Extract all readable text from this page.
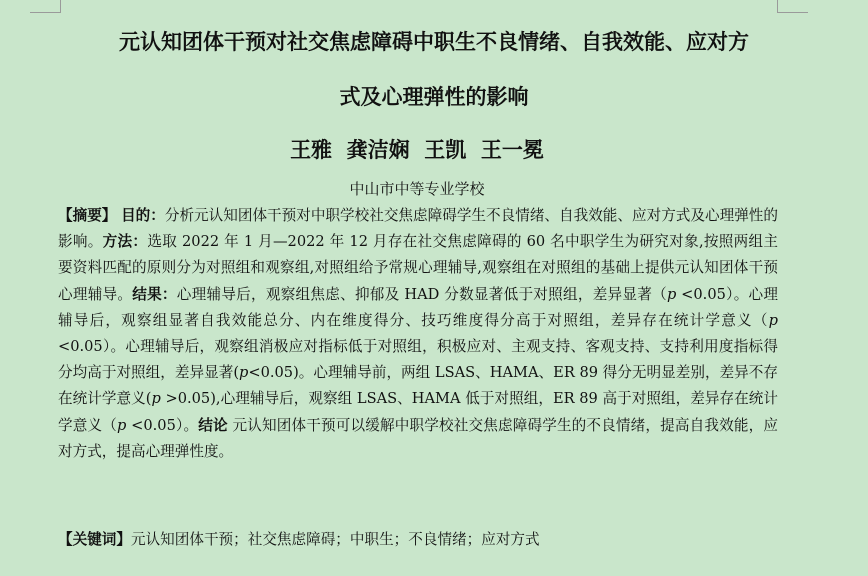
元认知团体干预对社交焦虑障碍中职生不良情绪、自我效能、应对方
式及心理弹性的影响
王雅  龚洁娴  王凯  王一冕
中山市中等专业学校
【摘要】 目的：分析元认知团体干预对中职学校社交焦虑障碍学生不良情绪、自我效能、应对方式及心理弹性的影响。方法：选取 2022 年 1 月—2022 年 12 月存在社交焦虑障碍的 60 名中职学生为研究对象,按照两组主要资料匹配的原则分为对照组和观察组,对照组给予常规心理辅导,观察组在对照组的基础上提供元认知团体干预心理辅导。结果：心理辅导后，观察组焦虑、抑郁及 HAD 分数显著低于对照组，差异显著（p <0.05）。心理辅导后，观察组显著自我效能总分、内在维度得分、技巧维度得分高于对照组，差异存在统计学意义（p <0.05）。心理辅导后，观察组消极应对指标低于对照组，积极应对、主观支持、客观支持、支持利用度指标得分均高于对照组，差异显著(p<0.05)。心理辅导前，两组 LSAS、HAMA、ER 89 得分无明显差别，差异不存在统计学意义(p >0.05),心理辅导后，观察组 LSAS、HAMA 低于对照组，ER 89 高于对照组，差异存在统计学意义（p <0.05）。结论 元认知团体干预可以缓解中职学校社交焦虑障碍学生的不良情绪，提高自我效能，应对方式，提高心理弹性度。
【关键词】元认知团体干预；社交焦虑障碍；中职生；不良情绪；应对方式
